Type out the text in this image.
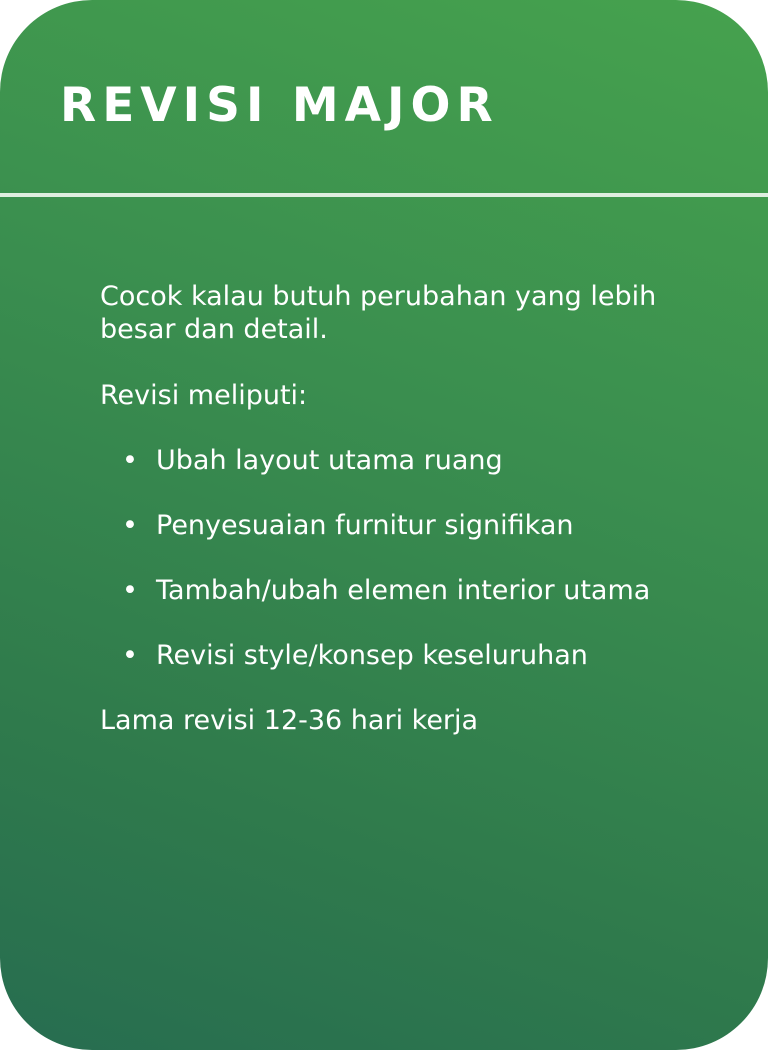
REVISI MAJOR

Cocok kalau butuh perubahan yang lebih besar dan detail.

Revisi meliputi:

• Ubah layout utama ruang
• Penyesuaian furnitur signifikan
• Tambah/ubah elemen interior utama
• Revisi style/konsep keseluruhan

Lama revisi 12-36 hari kerja
